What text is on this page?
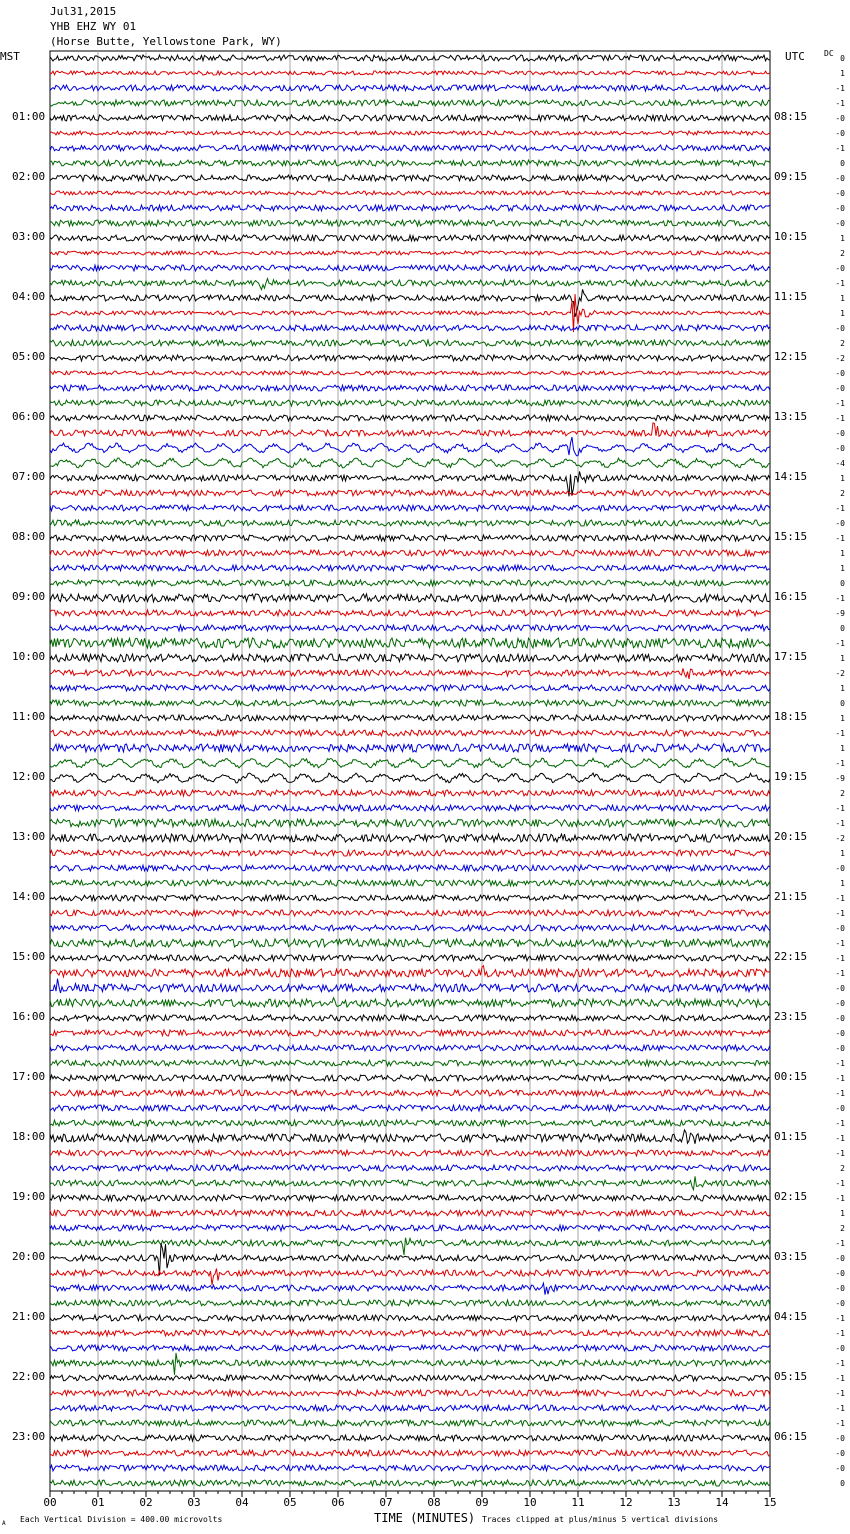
Jul31,2015
YHB EHZ WY 01
(Horse Butte, Yellowstone Park, WY)
MST	UTC DC
TIME (MINUTES)
Each Vertical Division = 400.00 microvolts	Traces clipped at plus/minus 5 vertical divisions
A
01:00	08:15
02:00	09:15
03:00	10:15
04:00	11:15
05:00	12:15
06:00	13:15
07:00	14:15
08:00	15:15
09:00	16:15
10:00	17:15
11:00	18:15
12:00	19:15
13:00	20:15
14:00	21:15
15:00	22:15
16:00	23:15
17:00	00:15
18:00	01:15
19:00	02:15
20:00	03:15
21:00	04:15
22:00	05:15
23:00	06:15
00	01	02	03	04	05	06	07	08	09	10	11	12	13	14	15
0
1
-1
-1
-0
-0
-1
0
-0
-0
-0
-0
1
2
-0
-1
1
1
-0
2
-2
-0
-0
-1
-1
-0
-0
-4
1
2
-1
-0
-1
1
1
0
-1
-9
0
-1
1
-2
1
0
1
-1
1
-1
-9
2
-1
-1
-2
1
-0
1
-1
-1
-0
-1
-1
-1
-0
-0
-0
-0
-0
-1
-1
-1
-0
-1
-1
-1
2
-1
-1
1
2
-1
-0
-0
-0
-0
-1
-1
-0
-1
-1
-1
-1
-1
-0
-0
-0
0
